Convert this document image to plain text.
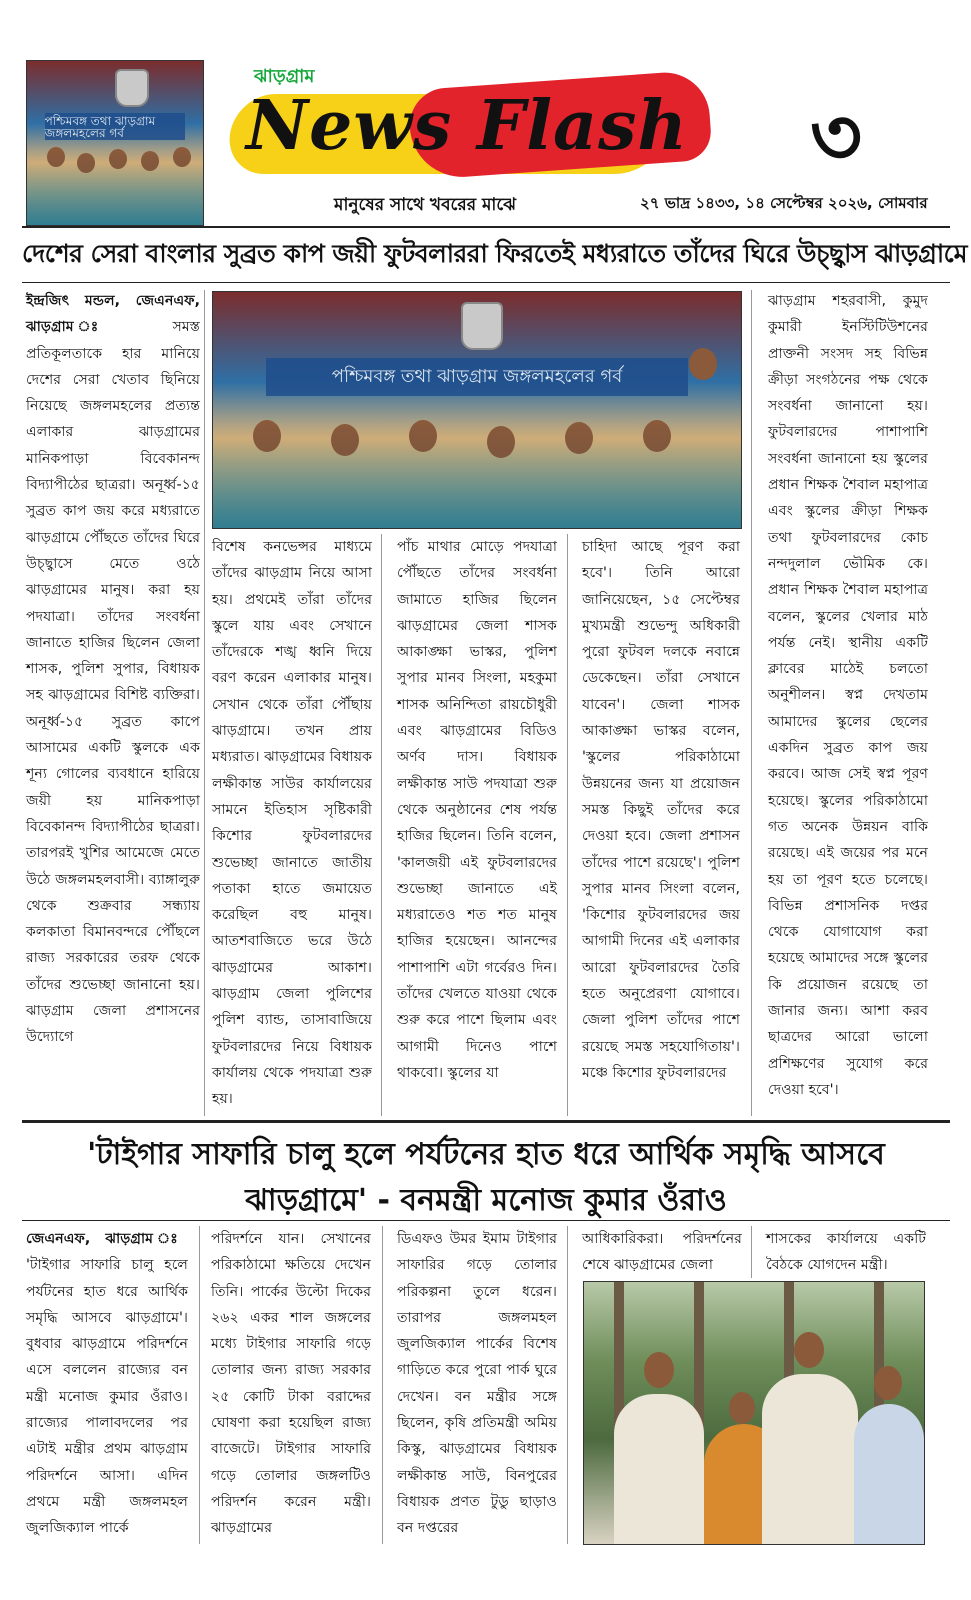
পশ্চিমবঙ্গ তথা ঝাড়গ্রাম জঙ্গলমহলের গর্ব
ঝাড়গ্রাম
News Flash ৩
মানুষের সাথে খবরের মাঝে	২৭ ভাদ্র ১৪৩৩, ১৪ সেপ্টেম্বর ২০২৬, সোমবার
দেশের সেরা বাংলার সুব্রত কাপ জয়ী ফুটবলাররা ফিরতেই মধ্যরাতে তাঁদের ঘিরে উচ্ছ্বাস ঝাড়গ্রামে
ইন্দ্রজিৎ মন্ডল, জেএনএফ, ঝাড়গ্রাম ঃ	সমস্ত প্রতিকূলতাকে হার মানিয়ে দেশের সেরা খেতাব ছিনিয়ে নিয়েছে জঙ্গলমহলের প্রত্যন্ত এলাকার ঝাড়গ্রামের মানিকপাড়া বিবেকানন্দ বিদ্যাপীঠের ছাত্ররা। অনূর্ধ্ব-১৫ সুব্রত কাপ জয় করে মধ্যরাতে ঝাড়গ্রামে পৌঁছতে তাঁদের ঘিরে উচ্ছ্বাসে মেতে ওঠে ঝাড়গ্রামের মানুষ। করা হয় পদযাত্রা। তাঁদের সংবর্ধনা জানাতে হাজির ছিলেন জেলা শাসক, পুলিশ সুপার, বিধায়ক সহ ঝাড়গ্রামের বিশিষ্ট ব্যক্তিরা। অনূর্ধ্ব-১৫ সুব্রত কাপে আসামের একটি স্কুলকে এক শূন্য গোলের ব্যবধানে হারিয়ে জয়ী হয় মানিকপাড়া বিবেকানন্দ বিদ্যাপীঠের ছাত্ররা। তারপরই খুশির আমেজে মেতে উঠে জঙ্গলমহলবাসী। ব্যাঙ্গালুরু থেকে শুক্রবার সন্ধ্যায় কলকাতা বিমানবন্দরে পৌঁছলে রাজ্য সরকারের তরফ থেকে তাঁদের শুভেচ্ছা জানানো হয়। ঝাড়গ্রাম জেলা প্রশাসনের উদ্যোগে
পশ্চিমবঙ্গ তথা ঝাড়গ্রাম জঙ্গলমহলের গর্ব
বিশেষ কনভেন্সর মাধ্যমে তাঁদের ঝাড়গ্রাম নিয়ে আসা হয়। প্রথমেই তাঁরা তাঁদের স্কুলে যায় এবং সেখানে তাঁদেরকে শঙ্খ ধ্বনি দিয়ে বরণ করেন এলাকার মানুষ। সেখান থেকে তাঁরা পৌঁছায় ঝাড়গ্রামে। তখন প্রায় মধ্যরাত। ঝাড়গ্রামের বিধায়ক লক্ষীকান্ত সাউর কার্যালয়ের সামনে ইতিহাস সৃষ্টিকারী কিশোর ফুটবলারদের শুভেচ্ছা জানাতে জাতীয় পতাকা হাতে জমায়েত করেছিল বহু মানুষ। আতশবাজিতে ভরে উঠে ঝাড়গ্রামের আকাশ। ঝাড়গ্রাম জেলা পুলিশের পুলিশ ব্যান্ড, তাসাবাজিয়ে ফুটবলারদের নিয়ে বিধায়ক কার্যালয় থেকে পদযাত্রা শুরু হয়।
পাঁচ মাথার মোড়ে পদযাত্রা পৌঁছতে তাঁদের সংবর্ধনা জামাতে হাজির ছিলেন ঝাড়গ্রামের জেলা শাসক আকাঙ্ক্ষা ভাস্কর, পুলিশ সুপার মানব সিংলা, মহকুমা শাসক অনিন্দিতা রায়চৌধুরী এবং ঝাড়গ্রামের বিডিও অর্ণব দাস। বিধায়ক লক্ষীকান্ত সাউ পদযাত্রা শুরু থেকে অনুষ্ঠানের শেষ পর্যন্ত হাজির ছিলেন। তিনি বলেন, 'কালজয়ী এই ফুটবলারদের শুভেচ্ছা জানাতে এই মধ্যরাতেও শত শত মানুষ হাজির হয়েছেন। আনন্দের পাশাপাশি এটা গর্বেরও দিন। তাঁদের খেলতে যাওয়া থেকে শুরু করে পাশে ছিলাম এবং আগামী দিনেও পাশে থাকবো। স্কুলের যা
চাহিদা আছে পূরণ করা হবে'। তিনি আরো জানিয়েছেন, ১৫ সেপ্টেম্বর মুখ্যমন্ত্রী শুভেন্দু অধিকারী পুরো ফুটবল দলকে নবান্নে ডেকেছেন। তাঁরা সেখানে যাবেন'। জেলা শাসক আকাঙ্ক্ষা ভাস্কর বলেন, 'স্কুলের পরিকাঠামো উন্নয়নের জন্য যা প্রয়োজন সমস্ত কিছুই তাঁদের করে দেওয়া হবে। জেলা প্রশাসন তাঁদের পাশে রয়েছে'। পুলিশ সুপার মানব সিংলা বলেন, 'কিশোর ফুটবলারদের জয় আগামী দিনের এই এলাকার আরো ফুটবলারদের তৈরি হতে অনুপ্রেরণা যোগাবে। জেলা পুলিশ তাঁদের পাশে রয়েছে সমস্ত সহযোগিতায়'। মঞ্চে কিশোর ফুটবলারদের
ঝাড়গ্রাম শহরবাসী, কুমুদ কুমারী ইনস্টিটিউশনের প্রাক্তনী সংসদ সহ বিভিন্ন ক্রীড়া সংগঠনের পক্ষ থেকে সংবর্ধনা জানানো হয়। ফুটবলারদের পাশাপাশি সংবর্ধনা জানানো হয় স্কুলের প্রধান শিক্ষক শৈবাল মহাপাত্র এবং স্কুলের ক্রীড়া শিক্ষক তথা ফুটবলারদের কোচ নন্দদুলাল ভৌমিক কে। প্রধান শিক্ষক শৈবাল মহাপাত্র বলেন, স্কুলের খেলার মাঠ পর্যন্ত নেই। স্থানীয় একটি ক্লাবের মাঠেই চলতো অনুশীলন। স্বপ্ন দেখতাম আমাদের স্কুলের ছেলের একদিন সুব্রত কাপ জয় করবে। আজ সেই স্বপ্ন পূরণ হয়েছে। স্কুলের পরিকাঠামো গত অনেক উন্নয়ন বাকি রয়েছে। এই জয়ের পর মনে হয় তা পূরণ হতে চলেছে। বিভিন্ন প্রশাসনিক দপ্তর থেকে যোগাযোগ করা হয়েছে আমাদের সঙ্গে স্কুলের কি প্রয়োজন রয়েছে তা জানার জন্য। আশা করব ছাত্রদের আরো ভালো প্রশিক্ষণের সুযোগ করে দেওয়া হবে'।
'টাইগার সাফারি চালু হলে পর্যটনের হাত ধরে আর্থিক সমৃদ্ধি আসবে
ঝাড়গ্রামে' - বনমন্ত্রী মনোজ কুমার ওঁরাও
জেএনএফ, ঝাড়গ্রাম ঃ 'টাইগার সাফারি চালু হলে পর্যটনের হাত ধরে আর্থিক সমৃদ্ধি আসবে ঝাড়গ্রামে'। বুধবার ঝাড়গ্রামে পরিদর্শনে এসে বললেন রাজ্যের বন মন্ত্রী মনোজ কুমার ওঁরাও। রাজ্যের পালাবদলের পর এটাই মন্ত্রীর প্রথম ঝাড়গ্রাম পরিদর্শনে আসা। এদিন প্রথমে মন্ত্রী জঙ্গলমহল জুলজিক্যাল পার্কে
পরিদর্শনে যান। সেখানের পরিকাঠামো ক্ষতিয়ে দেখেন তিনি। পার্কের উল্টো দিকের ২৬২ একর শাল জঙ্গলের মধ্যে টাইগার সাফারি গড়ে তোলার জন্য রাজ্য সরকার ২৫ কোটি টাকা বরাদ্দের ঘোষণা করা হয়েছিল রাজ্য বাজেটে। টাইগার সাফারি গড়ে তোলার জঙ্গলটিও পরিদর্শন করেন মন্ত্রী। ঝাড়গ্রামের
ডিএফও উমর ইমাম টাইগার সাফারির গড়ে তোলার পরিকল্পনা তুলে ধরেন। তারাপর জঙ্গলমহল জুলজিক্যাল পার্কের বিশেষ গাড়িতে করে পুরো পার্ক ঘুরে দেখেন। বন মন্ত্রীর সঙ্গে ছিলেন, কৃষি প্রতিমন্ত্রী অমিয় কিস্কু, ঝাড়গ্রামের বিধায়ক লক্ষীকান্ত সাউ, বিনপুরের বিধায়ক প্রণত টুডু ছাড়াও বন দপ্তরের
আধিকারিকরা। পরিদর্শনের শেষে ঝাড়গ্রামের জেলা
শাসকের কার্যালয়ে একটি বৈঠকে যোগদেন মন্ত্রী।
